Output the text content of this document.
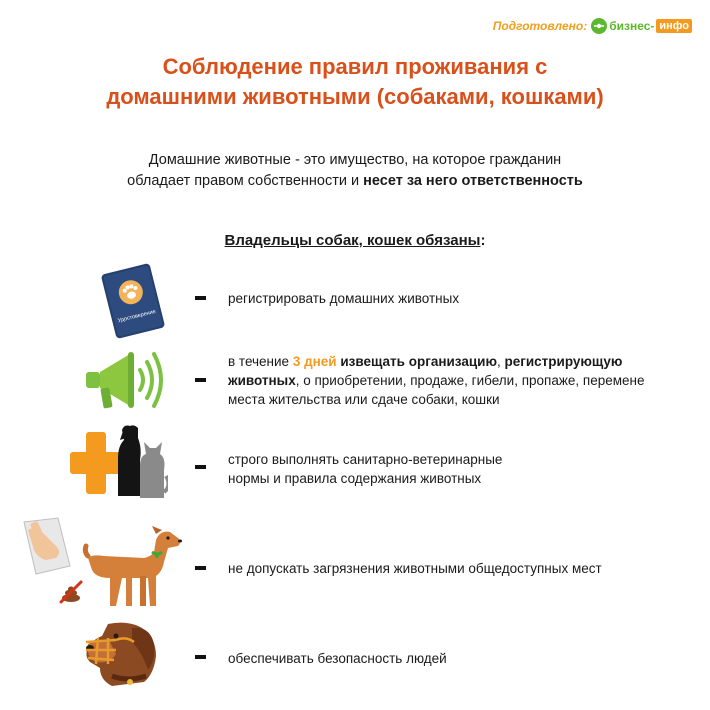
Подготовлено: бизнес- инфо
Соблюдение правил проживания с
домашними животными (собаками, кошками)
Домашние животные - это имущество, на которое гражданин
обладает правом собственности и несет за него ответственность
Владельцы собак, кошек обязаны:
Удостоверение
регистрировать домашних животных
в течение 3 дней извещать организацию, регистрирующую животных, о приобретении, продаже, гибели, пропаже, перемене места жительства или сдаче собаки, кошки
строго выполнять санитарно-ветеринарные
нормы и правила содержания животных
не допускать загрязнения животными общедоступных мест
обеспечивать безопасность людей
